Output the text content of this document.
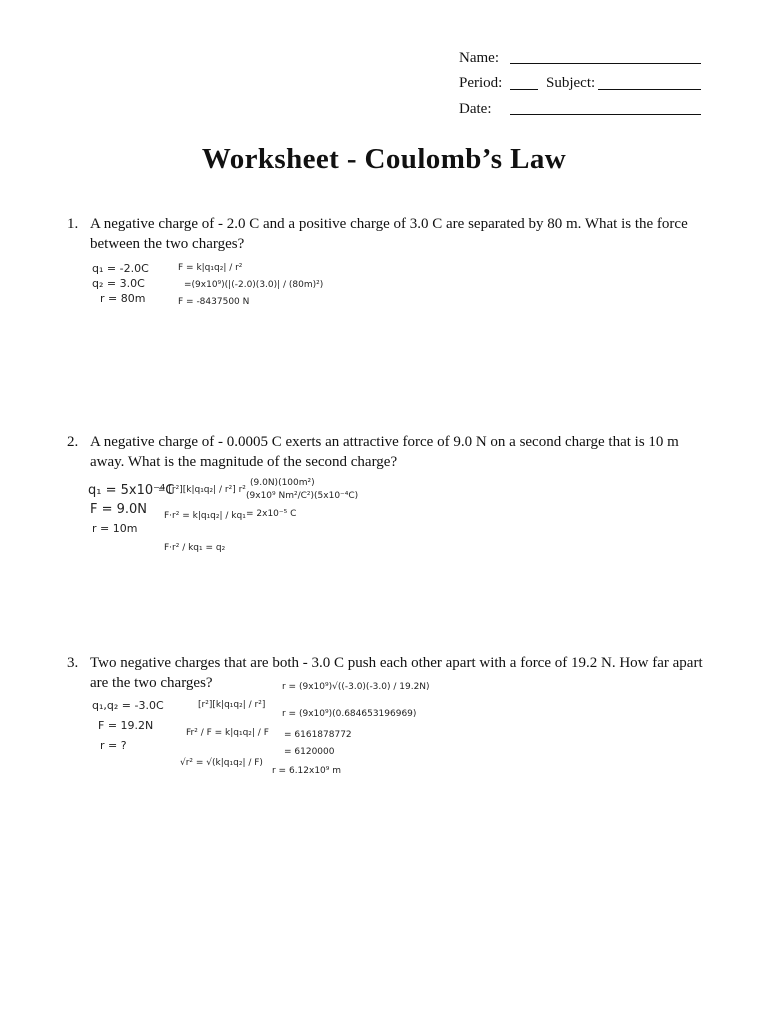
Name:
Period:	Subject:
Date:
Worksheet - Coulomb’s Law
1. A negative charge of - 2.0 C and a positive charge of 3.0 C are separated by 80 m. What is the force between the two charges?
q₁ = -2.0C
q₂ = 3.0C
r = 80m
F = k|q₁q₂| / r²
=(9x10⁹)(|(-2.0)(3.0)| / (80m)²)
F = -8437500 N
2. A negative charge of - 0.0005 C exerts an attractive force of 9.0 N on a second charge that is 10 m away. What is the magnitude of the second charge?
q₁ = 5x10⁻⁴C
F = 9.0N
r = 10m
= [r²][k|q₁q₂| / r²] r²
F·r² = k|q₁q₂| / kq₁
F·r² / kq₁ = q₂
(9.0N)(100m²)
(9x10⁹ Nm²/C²)(5x10⁻⁴C)
= 2x10⁻⁵ C
3. Two negative charges that are both - 3.0 C push each other apart with a force of 19.2 N. How far apart are the two charges?
q₁,q₂ = -3.0C
F = 19.2N
r = ?
[r²][k|q₁q₂| / r²]
Fr² / F = k|q₁q₂| / F
√r² = √(k|q₁q₂| / F)
r = (9x10⁹)√((-3.0)(-3.0) / 19.2N)
r = (9x10⁹)(0.684653196969)
= 6161878772
= 6120000
r = 6.12x10⁹ m
